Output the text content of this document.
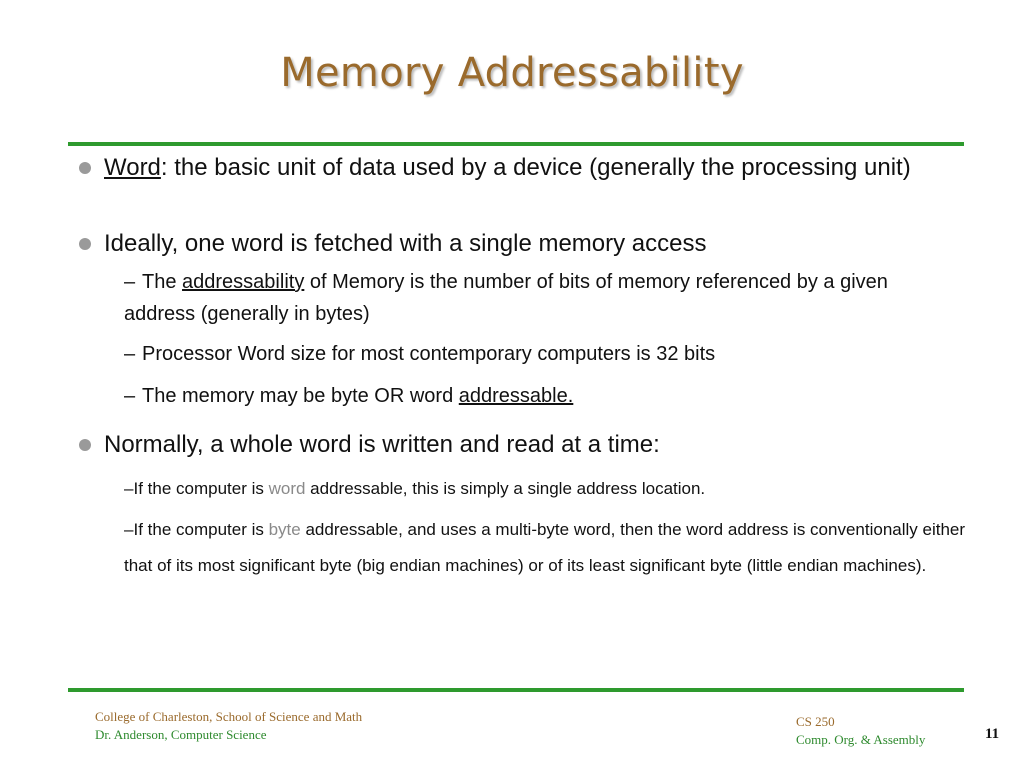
Memory Addressability
Word: the basic unit of data used by a device (generally the processing unit)
Ideally, one word is fetched with a single memory access
– The addressability of Memory is the number of bits of memory referenced by a given address (generally in bytes)
– Processor Word size for most contemporary computers is 32 bits
– The memory may be byte OR word addressable.
Normally, a whole word is written and read at a time:
–If the computer is word addressable, this is simply a single address location.
–If the computer is byte addressable, and uses a multi-byte word, then the word address is conventionally either that of its most significant byte (big endian machines) or of its least significant byte (little endian machines).
College of Charleston, School of Science and Math
Dr. Anderson, Computer Science
CS 250
Comp. Org. & Assembly	11
